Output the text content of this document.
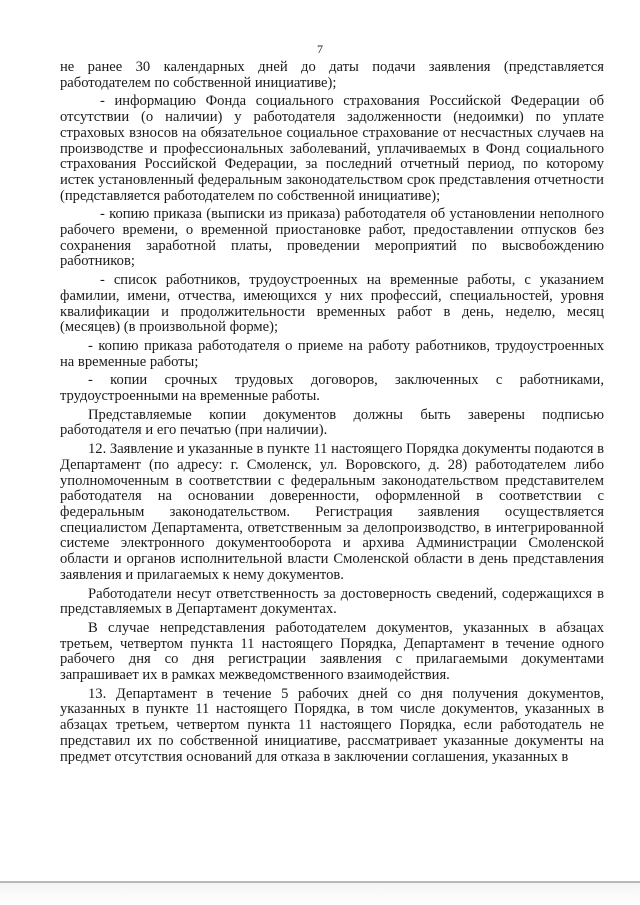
7

не ранее 30 календарных дней до даты подачи заявления (представляется работодателем по собственной инициативе);

- информацию Фонда социального страхования Российской Федерации об отсутствии (о наличии) у работодателя задолженности (недоимки) по уплате страховых взносов на обязательное социальное страхование от несчастных случаев на производстве и профессиональных заболеваний, уплачиваемых в Фонд социального страхования Российской Федерации, за последний отчетный период, по которому истек установленный федеральным законодательством срок представления отчетности (представляется работодателем по собственной инициативе);

- копию приказа (выписки из приказа) работодателя об установлении неполного рабочего времени, о временной приостановке работ, предоставлении отпусков без сохранения заработной платы, проведении мероприятий по высвобождению работников;

- список работников, трудоустроенных на временные работы, с указанием фамилии, имени, отчества, имеющихся у них профессий, специальностей, уровня квалификации и продолжительности временных работ в день, неделю, месяц (месяцев) (в произвольной форме);

- копию приказа работодателя о приеме на работу работников, трудоустроенных на временные работы;

- копии срочных трудовых договоров, заключенных с работниками, трудоустроенными на временные работы.

Представляемые копии документов должны быть заверены подписью работодателя и его печатью (при наличии).

12. Заявление и указанные в пункте 11 настоящего Порядка документы подаются в Департамент (по адресу: г. Смоленск, ул. Воровского, д. 28) работодателем либо уполномоченным в соответствии с федеральным законодательством представителем работодателя на основании доверенности, оформленной в соответствии с федеральным законодательством. Регистрация заявления осуществляется специалистом Департамента, ответственным за делопроизводство, в интегрированной системе электронного документооборота и архива Администрации Смоленской области и органов исполнительной власти Смоленской области в день представления заявления и прилагаемых к нему документов.

Работодатели несут ответственность за достоверность сведений, содержащихся в представляемых в Департамент документах.

В случае непредставления работодателем документов, указанных в абзацах третьем, четвертом пункта 11 настоящего Порядка, Департамент в течение одного рабочего дня со дня регистрации заявления с прилагаемыми документами запрашивает их в рамках межведомственного взаимодействия.

13. Департамент в течение 5 рабочих дней со дня получения документов, указанных в пункте 11 настоящего Порядка, в том числе документов, указанных в абзацах третьем, четвертом пункта 11 настоящего Порядка, если работодатель не представил их по собственной инициативе, рассматривает указанные документы на предмет отсутствия оснований для отказа в заключении соглашения, указанных в
